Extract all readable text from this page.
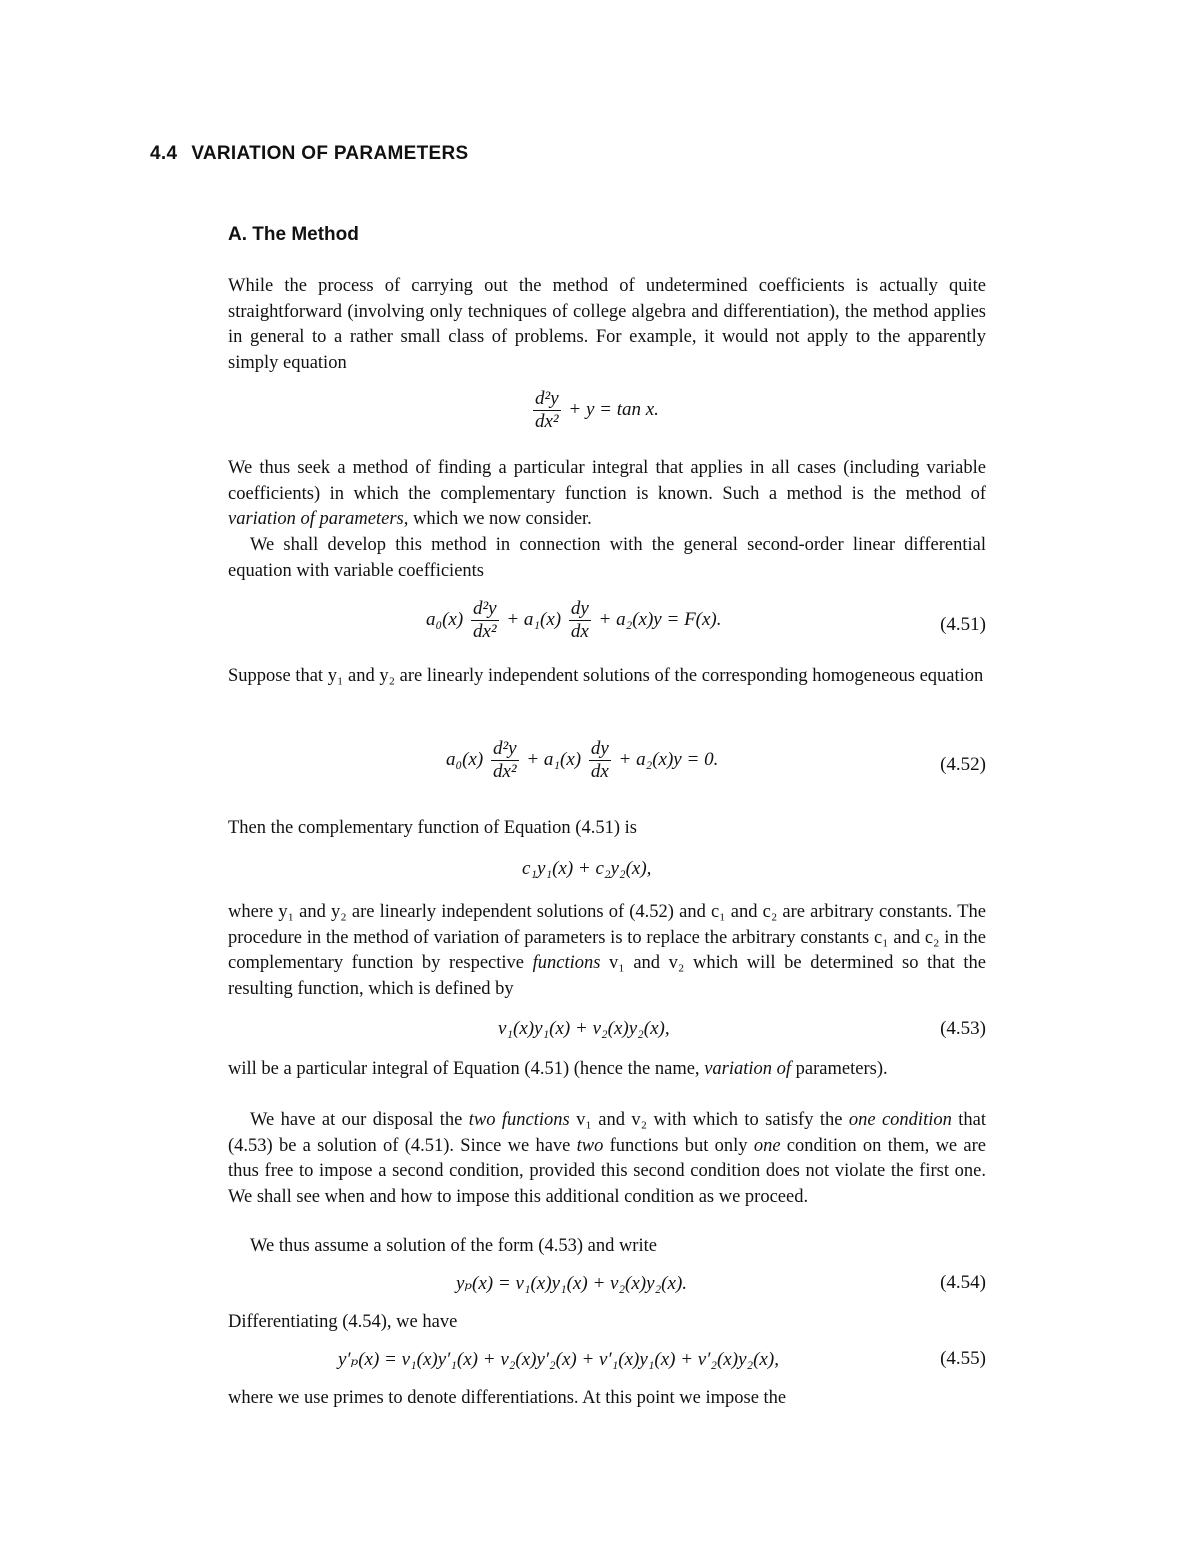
4.4 VARIATION OF PARAMETERS
A. The Method

While the process of carrying out the method of undetermined coefficients is actually quite straightforward (involving only techniques of college algebra and differentiation), the method applies in general to a rather small class of problems. For example, it would not apply to the apparently simply equation

$\frac{\text{d²y}}{\text{dx²}} + y = \tan x$.

We thus seek a method of finding a particular integral that applies in all cases (including variable coefficients) in which the complementary function is known. Such a method is the method of variation of parameters, which we now consider.

We shall develop this method in connection with the general second-order linear differential equation with variable coefficients

$a_0(x) \frac{\text{d²y}}{\text{dx²}} + a_1(x) \frac{dy}{dx} + a_2(x)y = F(x)$.	(4.51)

Suppose that y₁ and y₂ are linearly independent solutions of the corresponding homogeneous equation

$a_0(x) \frac{\text{d²y}}{\text{dx²}} + a_1(x) \frac{dy}{dx} + a_2(x)y = 0$.	(4.52)

Then the complementary function of Equation (4.51) is

c₁y₁(x) + c₂y₂(x),

where y₁ and y₂ are linearly independent solutions of (4.52) and c₁ and c₂ are arbitrary constants. The procedure in the method of variation of parameters is to replace the arbitrary constants c₁ and c₂ in the complementary function by respective functions v₁ and v₂ which will be determined so that the resulting function, which is defined by

v₁(x)y₁(x) + v₂(x)y₂(x),	(4.53)

will be a particular integral of Equation (4.51) (hence the name, variation of parameters).

We have at our disposal the two functions v₁ and v₂ with which to satisfy the one condition that (4.53) be a solution of (4.51). Since we have two functions but only one condition on them, we are thus free to impose a second condition, provided this second condition does not violate the first one. We shall see when and how to impose this additional condition as we proceed.

We thus assume a solution of the form (4.53) and write

yₚ(x) = v₁(x)y₁(x) + v₂(x)y₂(x).	(4.54)

Differentiating (4.54), we have

y′ₚ(x) = v₁(x)y′₁(x) + v₂(x)y′₂(x) + v′₁(x)y₁(x) + v′₂(x)y₂(x),	(4.55)

where we use primes to denote differentiations. At this point we impose the
